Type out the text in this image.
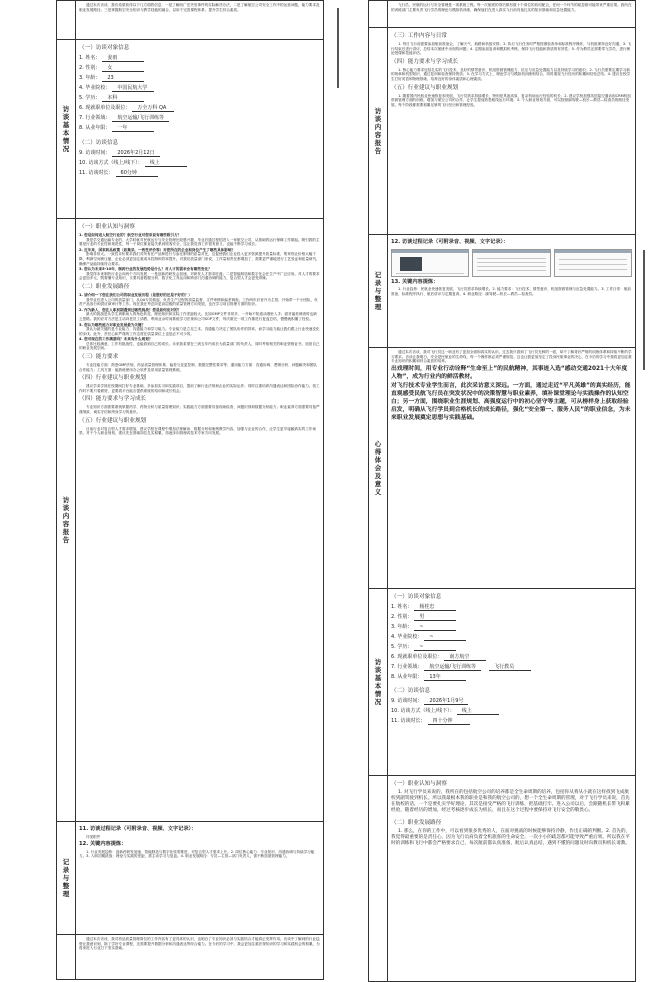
通过本次访谈，我们希望获得以下几方面的信息：一是了解西广岳突发事件的实际解决办法，二是了解航空公司安全工作中的运营问题，能力要求及职业发展路径；三是掌握航空安全知识与教学技能的融合，以用于完善课程体系，提升学生综合素质。

访谈基本情况
（一）访谈对象信息
1. 姓名：	姜雨
2. 性别：	女
3. 年龄：	23
4. 毕业院校：	中国民航大学
5. 学历：	本科
6. 现就职单位及职位：	万全万科 QA
7. 行业领域：	航空运输/飞行训练等
8. 从业年限：	一年
（二）访谈信息
9. 访谈时间：	2026年2月12日
10. 访谈方式（线上/线下）：	线上
11. 访谈时长：	60分钟
访谈内容报告
（一）职业认知与洞察
1. 您是如何进入航空行业的？航空行业对您来说有哪些吸引力？

我是学交通运输专业的，大学时就对民航运行与安全管理比较感兴趣，毕业后通过校招进入一家航空公司，从基础的运行保障工作做起。吸引我的主要是行业的专业性和规范性，每一个岗位都直接关系到旅客安全，这让我觉得工作很有意义，也能不断学习成长。

2. 近年来，国家药品政策（如集采、一致性评价等）对您所在的企业和岗位产生了哪些具体影响？

影响非常大。一致性评价要求我们对所有在产品种进行与参比制剂的质量对比，这促使我们企业投入更多资源提升质量标准，集采则让价格大幅下降，利润空间被压缩，企业必须更加注重成本控制和效率提升。对我们质量部门来说，工作量和责任都增加了，需要更严谨地进行工艺验证和质量研究，确保产品能持续符合要求。

3. 您认为未来5-10年，制药行业的发展趋势是什么？对人才的需求会有哪些变化？

我觉得未来制药行业会向两个方向发展：一是创新药研发会加速，对研发人才需求旺盛；二是智能制造和数字化会在生产中广泛应用。对人才的要求会更加多元，既要懂专业知识，又要具备数据分析、数字化工具运用和跨部门沟通协调的能力，复合型人才会更受青睐。

（二）职业发展路径
1. 请介绍一下您在我们公司的职业发展历程（是想好的还是不好的？）

我毕业后进入公司的质量部门，从QA专员做起，负责生产过程的质量监督、文件审核和偏差调查。工作两年后晋升为主管，开始带一个小团队，负责产品放行和供应商审计等工作。现在我在考虑向更高层级的质量管理方向发展，也在学习项目管理方面的知识。

2. 作为新人，您在入职初期遇到过哪些挑战？您是如何应对的？

最大的挑战是从学生到职场人的角色转变，理论知识和实际工作差距较大。比如GMP文件非常多，一开始不知道从哪里入手；面对偏差调查时也缺乏思路。我的应对方法是主动向老员工请教，利用业余时间系统学习法规和公司SOP文件，每次做完一项工作都进行复盘总结，慢慢就积累了经验。

3. 您认为哪些能力对职业发展最为关键？

我认为最关键的是专业能力、沟通能力和学习能力。专业能力是立足之本，沟通能力决定了团队协作的效率，而学习能力能让我们跟上行业快速变化的步伐。此外，责任心和严谨的工作态度在质量岗位上也是必不可少的。

4. 您对现在的工作满意吗？未来有什么规划？

总体比较满意，工作有挑战性，也能看到自己的成长。未来我希望在三到五年内成长为质量部门的负责人，同时考取相关的职业资格证书，拓宽自己的职业发展空间。

（三）能力要求

专业技能方面：熟悉GMP法规、药品质量管理体系、偏差与变更控制、数据完整性要求等；通用能力方面：沟通协调、逻辑分析、问题解决和团队合作能力；工具方面：能熟练使用办公软件及常用质量管理系统。

（四）行业建议与职业规划

建议学弟学妹在校期间打好专业基础，多参加实习和实践项目，提前了解行业法规和企业的实际运作；同时注重培养沟通表达和团队协作能力。找工作时不要只看薪资，更要看平台能否提供系统的培训和成长机会。

（四）能力要求与学习成长

专业知识方面需要系统掌握药学、药物分析与质量管理知识；实践能力方面需要具备现场检查、问题识别和数据分析能力；职业素养方面需要具备严谨细致、诚实守信和终身学习的意识。

（五）行业建议与职业规划

目前行业对复合型人才需求增加，建议学校在课程中增加法规解读、数据分析和案例教学内容，加强与企业的合作，让学生更早接触真实的工作场景。对于个人职业规划，建议先在基础岗位扎实积累，再逐步向管理或技术专家方向发展。

记录与整理
11. 访谈过程记录（可附录音、视频、文字记录）：

详见附件

12. 关键内容提炼：

1. 行业发展趋势：创新药研发加速、智能制造与数字化转型推进，对复合型人才需求上升。2. 岗位核心能力：专业知识、沟通协调与持续学习能力。3. 入职初期挑战：理论与实践的差距，需主动学习与复盘。4. 职业发展路径：专员—主管—部门负责人，需不断拓展管理能力。

通过本次访谈，我对药品质量管理岗位的工作内容有了更具体的认识，也明白了专业知识必须与实践结合才能真正发挥作用。访谈中了解到的行业趋势让我意识到，除了学好专业课程，还需要提升数据分析和沟通表达等综合能力。在今后的学习中，我会更加注重法规知识的学习和实践机会的积累，为将来进入行业打下坚实基础。

飞行员，民航的运行与安全管理是一项系统工程。每一次航班的背后都有数十个岗位的协同配合，任何一个环节的疏忽都可能带来严重后果。我所在的训练部门主要负责飞行学员的理论与模拟机训练，确保他们在进入真实飞行前具备扎实的知识基础和应急处置能力。

访谈内容报告
（三）工作内容与日常

1. 每日飞行前需要参加航前准备会，了解天气、航路和机组安排；2. 执行飞行任务时严格按照检查单和标准程序操作，与机组保持良好沟通；3. 飞行结束后进行讲评，总结本次航班中出现的问题；4. 定期参加复训和模拟机考核，保持飞行技能和资质的有效性；5. 作为教员还需要带飞学员，进行理论授课和技能评估。

（四）能力要求与学习成长

1. 核心能力要求包括扎实的飞行技术、良好的情景意识、机组资源管理能力、抗压与应急处置能力以及持续学习的意识；2. 飞行员需要定期学习新的规章和机型知识，通过复训和检查保持资质；3. 在学习方式上，理论学习与模拟机训练相结合，同时重视飞行经历的积累和经验总结；4. 建议在校学生打好英语和物理基础，培养良好的身体素质和心理素质。

（五）行业建议与职业规划

1. 随着国内民航业快速恢复和发展，飞行员需求持续增长，特别是具备高原、复杂机场运行经验的机长；2. 建议学校加强英语陆空通话和CRM机组资源管理方面的训练，增加与航空公司的合作，让学生提前熟悉航线运行环境；3. 个人职业规划方面，可以按照副驾驶—机长—教员—检查员的路径发展，每个阶段都需要积累足够的飞行经历和管理经验。

记录与整理
12. 访谈过程记录（可附录音、视频、文字记录）：
13. 关键内容提炼：

1. 行业趋势：民航业快速恢复发展，飞行员需求持续增长。2. 能力要求：飞行技术、情景意识、机组资源管理与应急处置能力。3. 工作日常：航前准备、标准程序执行、航后讲评与定期复训。4. 职业路径：副驾驶—机长—教员—检查员。

心得体会及意义

通过本次访谈，我对飞行员这一职业有了更加全面和真实的认识。过去我只看到了飞行员光鲜的一面，却不了解背后严格的训练体系和持续不断的学习要求。访谈让我明白，安全是民航业的生命线，每一个操作都必须严谨规范。这也让我更加坚定了投身民航事业的决心，在今后的学习中我将更加注重专业知识的积累和综合素质的培养。

出戏理时间，用专业行动诠释“生命至上”的民航精神，其事迹入选“感动交通2021十大年度人物”，成为行业内的鲜活教材。

对飞行技术专业学生而言，此次采访意义深远。一方面，通过走近“平凡英雄”的真实经历，能直观感受民航飞行员在突发状况中的决策智慧与职业素养，填补课堂理论与实践操作的认知空白；另一方面，围绕职业生涯规划、高强度运行中的初心坚守等主题，可从榜样身上获取经验启发，明确从飞行学员到合格机长的成长路径，强化“安全第一、服务人民”的职业信念，为未来职业发展奠定思想与实践基础。

访谈基本情况
（一）访谈对象信息
1. 姓名：	杨桂忠
2. 性别：	男
3. 年龄：	~
4. 毕业院校：	~
5. 学历：	~
6. 现就职单位及职位：	南方航空
7. 行业领域：	航空运输/飞行训练等	飞行教员
8. 从业年限：	13年
（二）访谈信息
9. 访谈时间：	2026年1月9号
10. 访谈方式（线上/线下）：	线上
11. 访谈时长：	四十分钟
（一）职业认知与洞察

1. 对飞行学员来说的，我所在的包括航空公司的培养都是全生命周期的培养，包括你从将从小就在这样找到飞成航校到副驾驶到机长。所以我最根本我的职业是和我的航空公司的，想一个全生命周期的管理，对于飞行学员来说，首先在航校的话，一个是要扎实学好理论，其次是接受严格的飞行训练，把基础打牢。进入公司以后，会跟随机长带飞积累经验，随着经历的增加，经过考核逐步成长为机长，而且在这个过程中要保持对飞行安全的敬畏心。

（二）职业发展路径

1. 那么，在你的工作中，可以看到很多优秀的人，在面对挑战的时候能够保持冷静，作出正确的判断。2. 首先的，我觉得最重要的是责任心，因为飞行员肩负着全机旅客的生命安全，一次小小的疏忽都可能导致严重后果。所以我在平时的训练和飞行中都会严格要求自己，每次航前都认真准备，航后认真总结，遇到不懂的问题及时向教员和机长请教。
